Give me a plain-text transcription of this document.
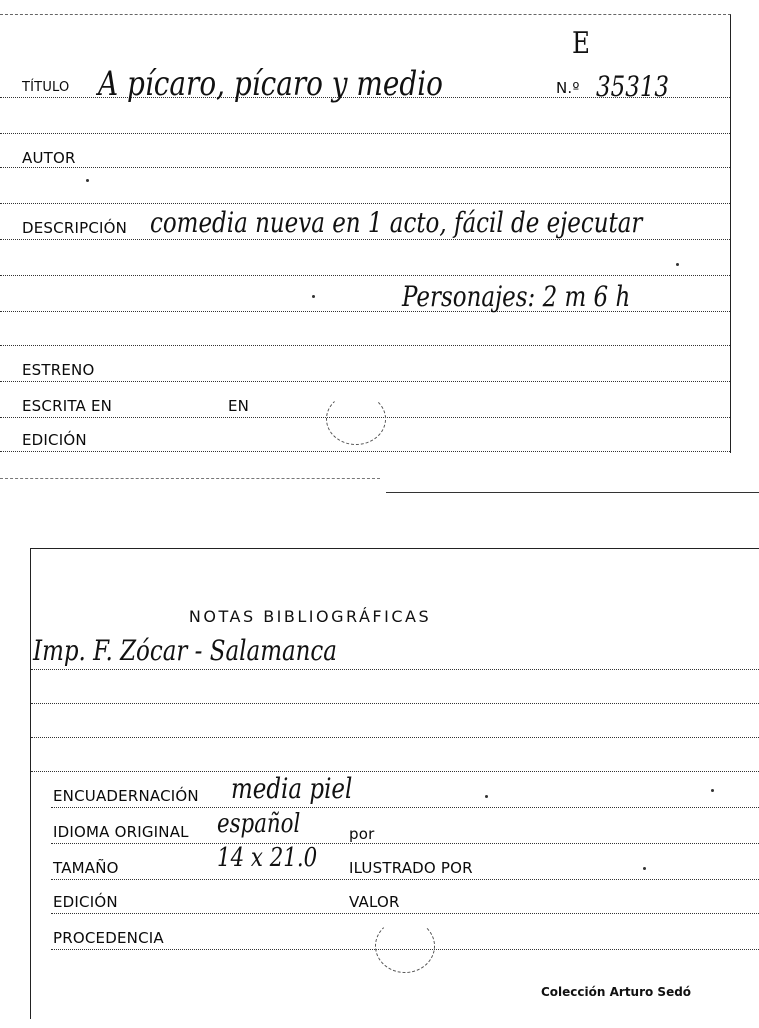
E
TÍTULO A pícaro, pícaro y medio	N.º 35313
AUTOR
DESCRIPCIÓN comedia nueva en 1 acto, fácil de ejecutar
Personajes: 2 m 6 h
ESTRENO
ESCRITA EN	EN
EDICIÓN
NOTAS BIBLIOGRÁFICAS
Imp. F. Zócar - Salamanca
ENCUADERNACIÓN media piel
IDIOMA ORIGINAL español	por
TAMAÑO	14 x 21.0 ILUSTRADO POR
EDICIÓN	VALOR
PROCEDENCIA
Colección Arturo Sedó
